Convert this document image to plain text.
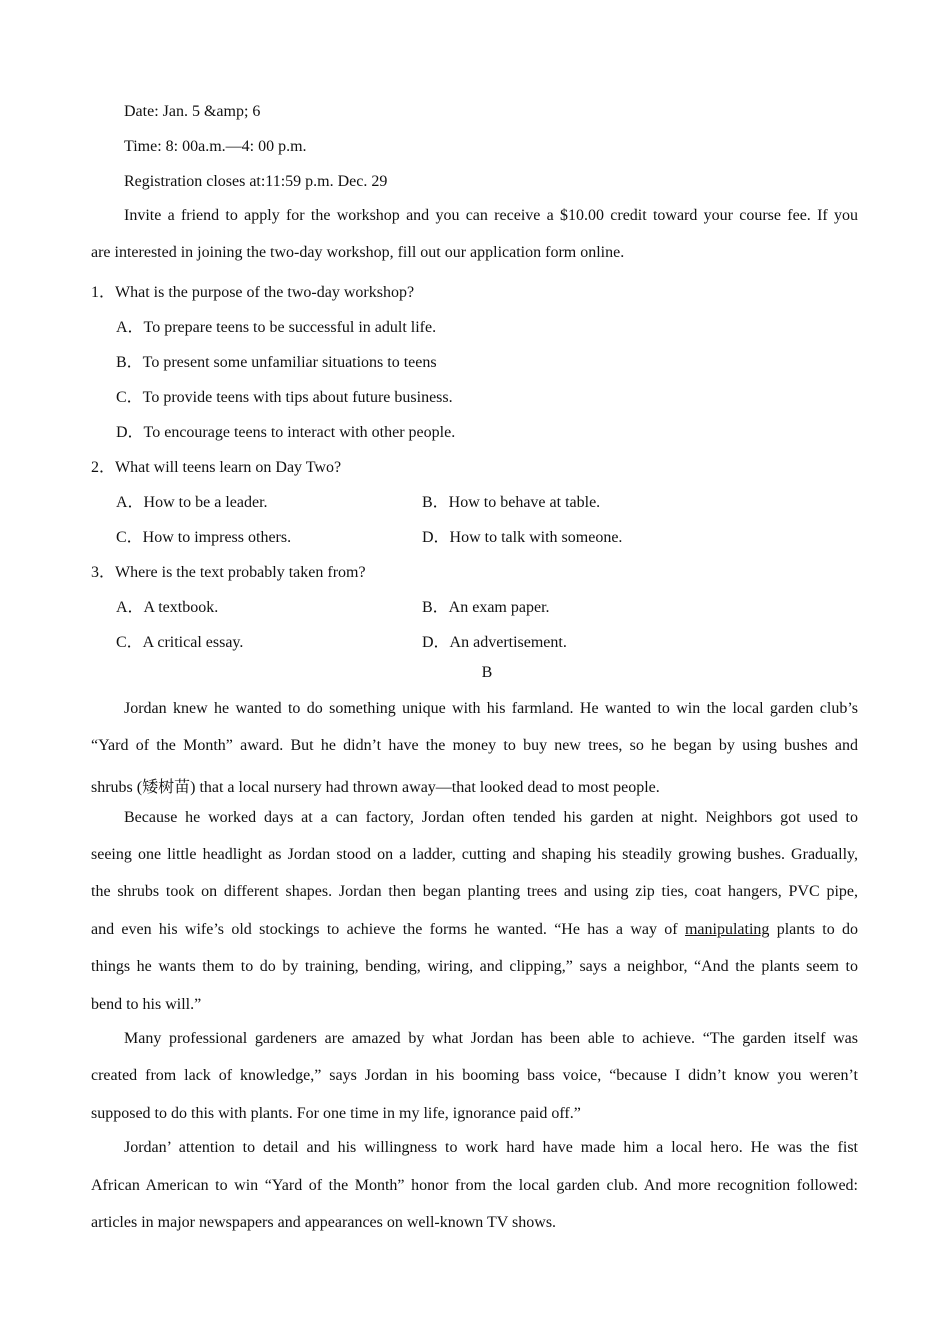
Date: Jan. 5 &amp; 6
Time: 8: 00a.m.—4: 00 p.m.
Registration closes at:11:59 p.m. Dec. 29
Invite a friend to apply for the workshop and you can receive a $10.00 credit toward your course fee. If you
are interested in joining the two-day workshop, fill out our application form online.
1．What is the purpose of the two-day workshop?
A．To prepare teens to be successful in adult life.
B．To present some unfamiliar situations to teens
C．To provide teens with tips about future business.
D．To encourage teens to interact with other people.
2．What will teens learn on Day Two?
A．How to be a leader.	B．How to behave at table.
C．How to impress others.	D．How to talk with someone.
3．Where is the text probably taken from?
A．A textbook.	B．An exam paper.
C．A critical essay.	D．An advertisement.
B
Jordan knew he wanted to do something unique with his farmland. He wanted to win the local garden club’s
“Yard of the Month” award. But he didn’t have the money to buy new trees, so he began by using bushes and
shrubs (矮树苗) that a local nursery had thrown away—that looked dead to most people.
Because he worked days at a can factory, Jordan often tended his garden at night. Neighbors got used to
seeing one little headlight as Jordan stood on a ladder, cutting and shaping his steadily growing bushes. Gradually,
the shrubs took on different shapes. Jordan then began planting trees and using zip ties, coat hangers, PVC pipe,
and even his wife’s old stockings to achieve the forms he wanted. “He has a way of manipulating plants to do
things he wants them to do by training, bending, wiring, and clipping,” says a neighbor, “And the plants seem to
bend to his will.”
Many professional gardeners are amazed by what Jordan has been able to achieve. “The garden itself was
created from lack of knowledge,” says Jordan in his booming bass voice, “because I didn’t know you weren’t
supposed to do this with plants. For one time in my life, ignorance paid off.”
Jordan’ attention to detail and his willingness to work hard have made him a local hero. He was the fist
African American to win “Yard of the Month” honor from the local garden club. And more recognition followed:
articles in major newspapers and appearances on well-known TV shows.
